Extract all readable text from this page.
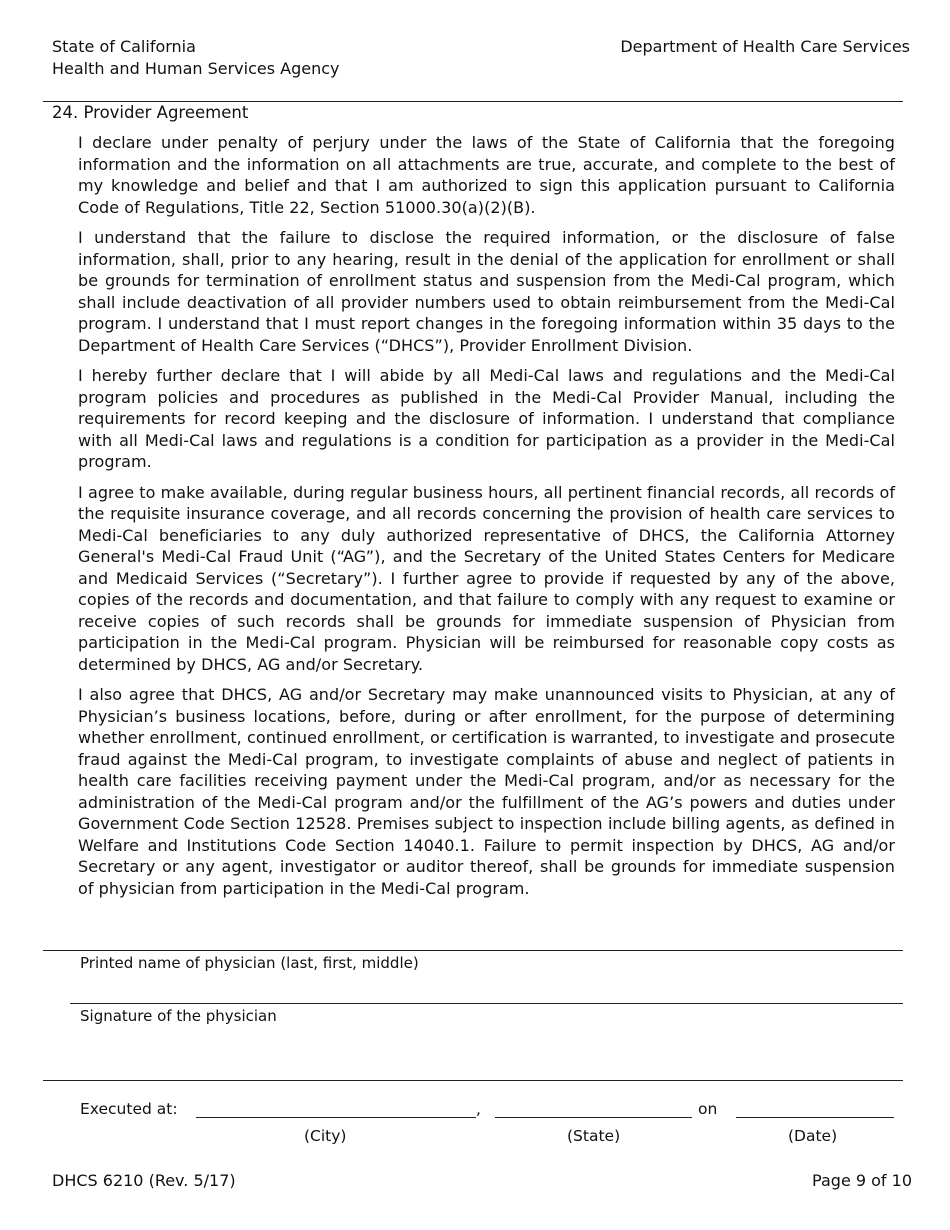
State of California
Health and Human Services Agency
Department of Health Care Services
24. Provider Agreement

I declare under penalty of perjury under the laws of the State of California that the foregoing information and the information on all attachments are true, accurate, and complete to the best of my knowledge and belief and that I am authorized to sign this application pursuant to California Code of Regulations, Title 22, Section 51000.30(a)(2)(B).

I understand that the failure to disclose the required information, or the disclosure of false information, shall, prior to any hearing, result in the denial of the application for enrollment or shall be grounds for termination of enrollment status and suspension from the Medi-Cal program, which shall include deactivation of all provider numbers used to obtain reimbursement from the Medi-Cal program. I understand that I must report changes in the foregoing information within 35 days to the Department of Health Care Services (“DHCS”), Provider Enrollment Division.

I hereby further declare that I will abide by all Medi-Cal laws and regulations and the Medi-Cal program policies and procedures as published in the Medi-Cal Provider Manual, including the requirements for record keeping and the disclosure of information. I understand that compliance with all Medi-Cal laws and regulations is a condition for participation as a provider in the Medi-Cal program.

I agree to make available, during regular business hours, all pertinent financial records, all records of the requisite insurance coverage, and all records concerning the provision of health care services to Medi-Cal beneficiaries to any duly authorized representative of DHCS, the California Attorney General's Medi-Cal Fraud Unit (“AG”), and the Secretary of the United States Centers for Medicare and Medicaid Services (“Secretary”). I further agree to provide if requested by any of the above, copies of the records and documentation, and that failure to comply with any request to examine or receive copies of such records shall be grounds for immediate suspension of Physician from participation in the Medi-Cal program. Physician will be reimbursed for reasonable copy costs as determined by DHCS, AG and/or Secretary.

I also agree that DHCS, AG and/or Secretary may make unannounced visits to Physician, at any of Physician’s business locations, before, during or after enrollment, for the purpose of determining whether enrollment, continued enrollment, or certification is warranted, to investigate and prosecute fraud against the Medi-Cal program, to investigate complaints of abuse and neglect of patients in health care facilities receiving payment under the Medi-Cal program, and/or as necessary for the administration of the Medi-Cal program and/or the fulfillment of the AG’s powers and duties under Government Code Section 12528. Premises subject to inspection include billing agents, as defined in Welfare and Institutions Code Section 14040.1. Failure to permit inspection by DHCS, AG and/or Secretary or any agent, investigator or auditor thereof, shall be grounds for immediate suspension of physician from participation in the Medi-Cal program.

Printed name of physician (last, first, middle)
Signature of the physician
Executed at:	,	on
(City)	(State)	(Date)
DHCS 6210 (Rev. 5/17)	Page 9 of 10
